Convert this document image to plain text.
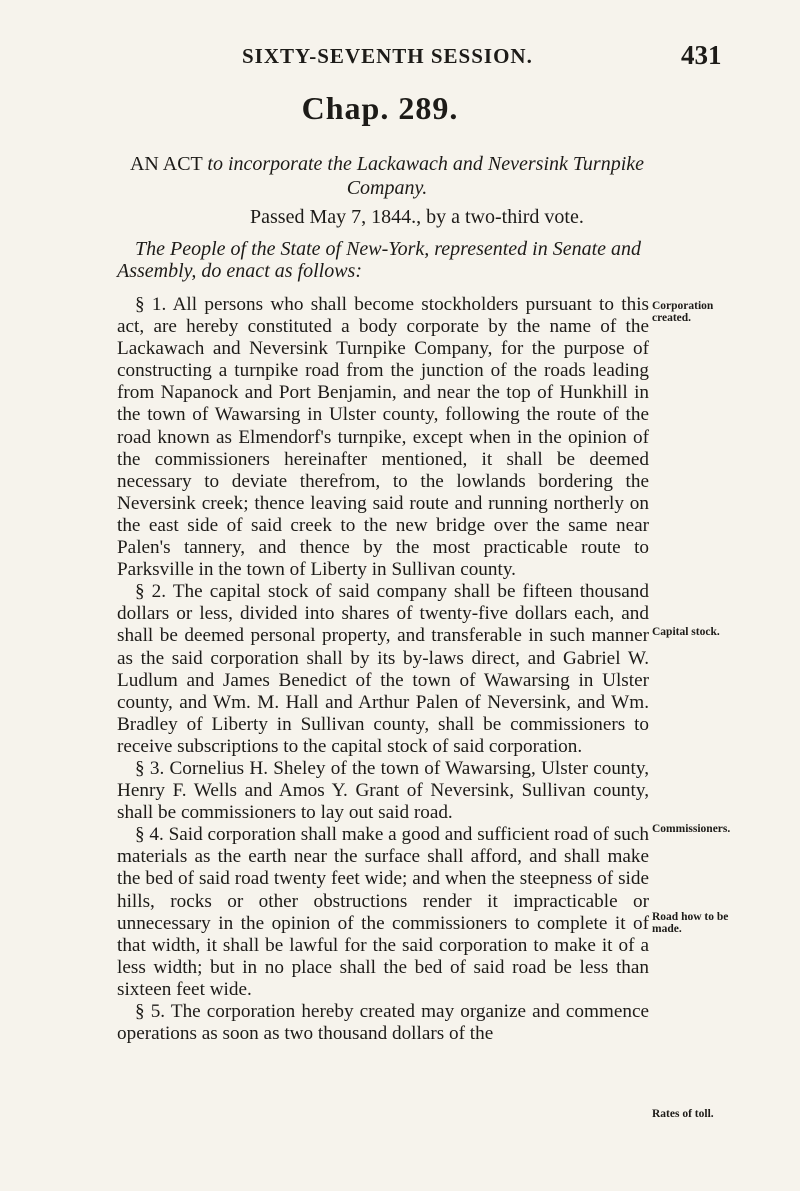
SIXTY-SEVENTH SESSION.	431
Chap. 289.
AN ACT to incorporate the Lackawach and Neversink Turnpike Company.
Passed May 7, 1844., by a two-third vote.
The People of the State of New-York, represented in Senate and Assembly, do enact as follows:

§ 1. All persons who shall become stockholders pursuant to this act, are hereby constituted a body corporate by the name of the Lackawach and Neversink Turnpike Company, for the purpose of constructing a turnpike road from the junction of the roads leading from Napanock and Port Benjamin, and near the top of Hunkhill in the town of Wawarsing in Ulster county, following the route of the road known as Elmendorf's turnpike, except when in the opinion of the commissioners hereinafter mentioned, it shall be deemed necessary to deviate therefrom, to the lowlands bordering the Neversink creek; thence leaving said route and running northerly on the east side of said creek to the new bridge over the same near Palen's tannery, and thence by the most practicable route to Parksville in the town of Liberty in Sullivan county.

§ 2. The capital stock of said company shall be fifteen thousand dollars or less, divided into shares of twenty-five dollars each, and shall be deemed personal property, and transferable in such manner as the said corporation shall by its by-laws direct, and Gabriel W. Ludlum and James Benedict of the town of Wawarsing in Ulster county, and Wm. M. Hall and Arthur Palen of Neversink, and Wm. Bradley of Liberty in Sullivan county, shall be commissioners to receive subscriptions to the capital stock of said corporation.

§ 3. Cornelius H. Sheley of the town of Wawarsing, Ulster county, Henry F. Wells and Amos Y. Grant of Neversink, Sullivan county, shall be commissioners to lay out said road.

§ 4. Said corporation shall make a good and sufficient road of such materials as the earth near the surface shall afford, and shall make the bed of said road twenty feet wide; and when the steepness of side hills, rocks or other obstructions render it impracticable or unnecessary in the opinion of the commissioners to complete it of that width, it shall be lawful for the said corporation to make it of a less width; but in no place shall the bed of said road be less than sixteen feet wide.

§ 5. The corporation hereby created may organize and commence operations as soon as two thousand dollars of the

Corporation created.
Capital stock.
Commissioners.
Road how to be made.
Rates of toll.
